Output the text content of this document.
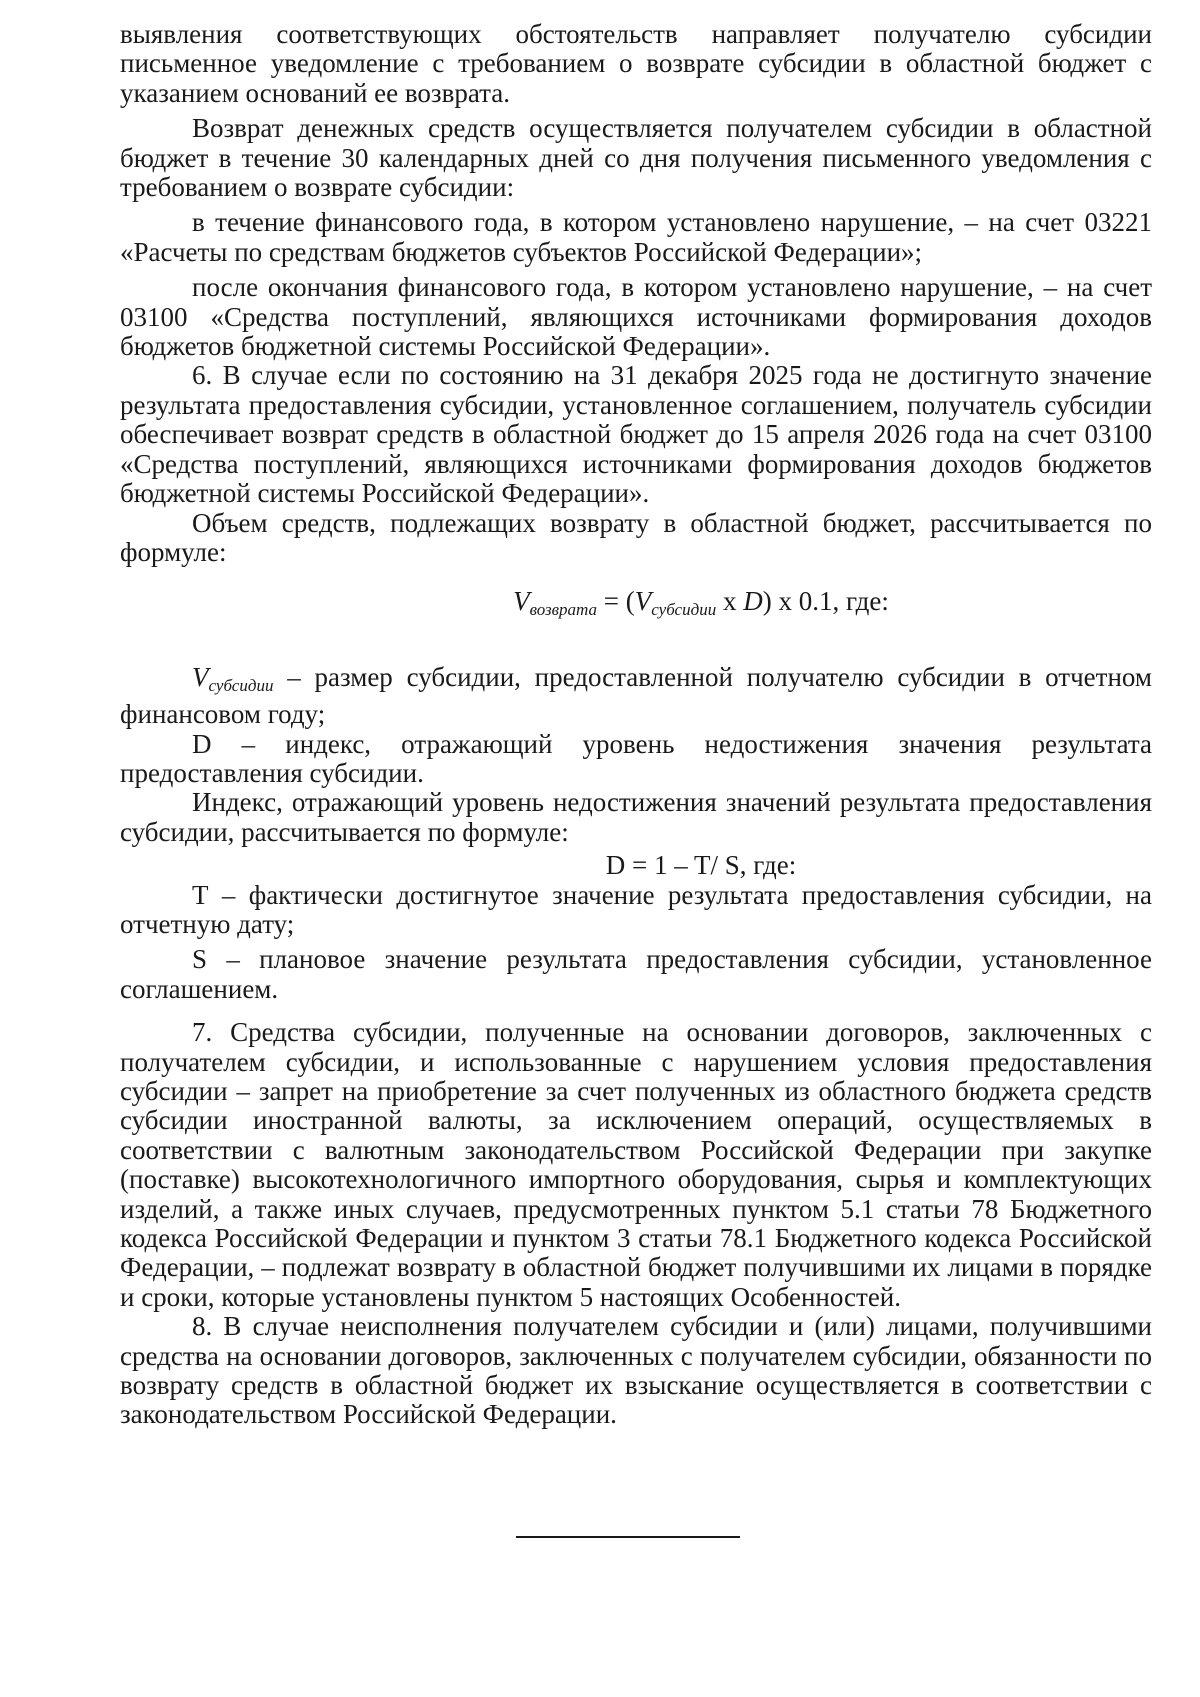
выявления соответствующих обстоятельств направляет получателю субсидии письменное уведомление с требованием о возврате субсидии в областной бюджет с указанием оснований ее возврата.

Возврат денежных средств осуществляется получателем субсидии в областной бюджет в течение 30 календарных дней со дня получения письменного уведомления с требованием о возврате субсидии:

в течение финансового года, в котором установлено нарушение, – на счет 03221 «Расчеты по средствам бюджетов субъектов Российской Федерации»;

после окончания финансового года, в котором установлено нарушение, – на счет 03100 «Средства поступлений, являющихся источниками формирования доходов бюджетов бюджетной системы Российской Федерации».

6. В случае если по состоянию на 31 декабря 2025 года не достигнуто значение результата предоставления субсидии, установленное соглашением, получатель субсидии обеспечивает возврат средств в областной бюджет до 15 апреля 2026 года на счет 03100 «Средства поступлений, являющихся источниками формирования доходов бюджетов бюджетной системы Российской Федерации».

Объем средств, подлежащих возврату в областной бюджет, рассчитывается по формуле:

$V_{возврата} = (V_{субсидии}$ х D) х 0.1, где:

$V_{субсидии}$ – размер субсидии, предоставленной получателю субсидии в отчетном финансовом году;

D – индекс, отражающий уровень недостижения значения результата предоставления субсидии.

Индекс, отражающий уровень недостижения значений результата предоставления субсидии, рассчитывается по формуле:

D = 1 – T/ S, где:

Т – фактически достигнутое значение результата предоставления субсидии, на отчетную дату;

S – плановое значение результата предоставления субсидии, установленное соглашением.

7. Средства субсидии, полученные на основании договоров, заключенных с получателем субсидии, и использованные с нарушением условия предоставления субсидии – запрет на приобретение за счет полученных из областного бюджета средств субсидии иностранной валюты, за исключением операций, осуществляемых в соответствии с валютным законодательством Российской Федерации при закупке (поставке) высокотехнологичного импортного оборудования, сырья и комплектующих изделий, а также иных случаев, предусмотренных пунктом 5.1 статьи 78 Бюджетного кодекса Российской Федерации и пунктом 3 статьи 78.1 Бюджетного кодекса Российской Федерации, – подлежат возврату в областной бюджет получившими их лицами в порядке и сроки, которые установлены пунктом 5 настоящих Особенностей.

8. В случае неисполнения получателем субсидии и (или) лицами, получившими средства на основании договоров, заключенных с получателем субсидии, обязанности по возврату средств в областной бюджет их взыскание осуществляется в соответствии с законодательством Российской Федерации.
